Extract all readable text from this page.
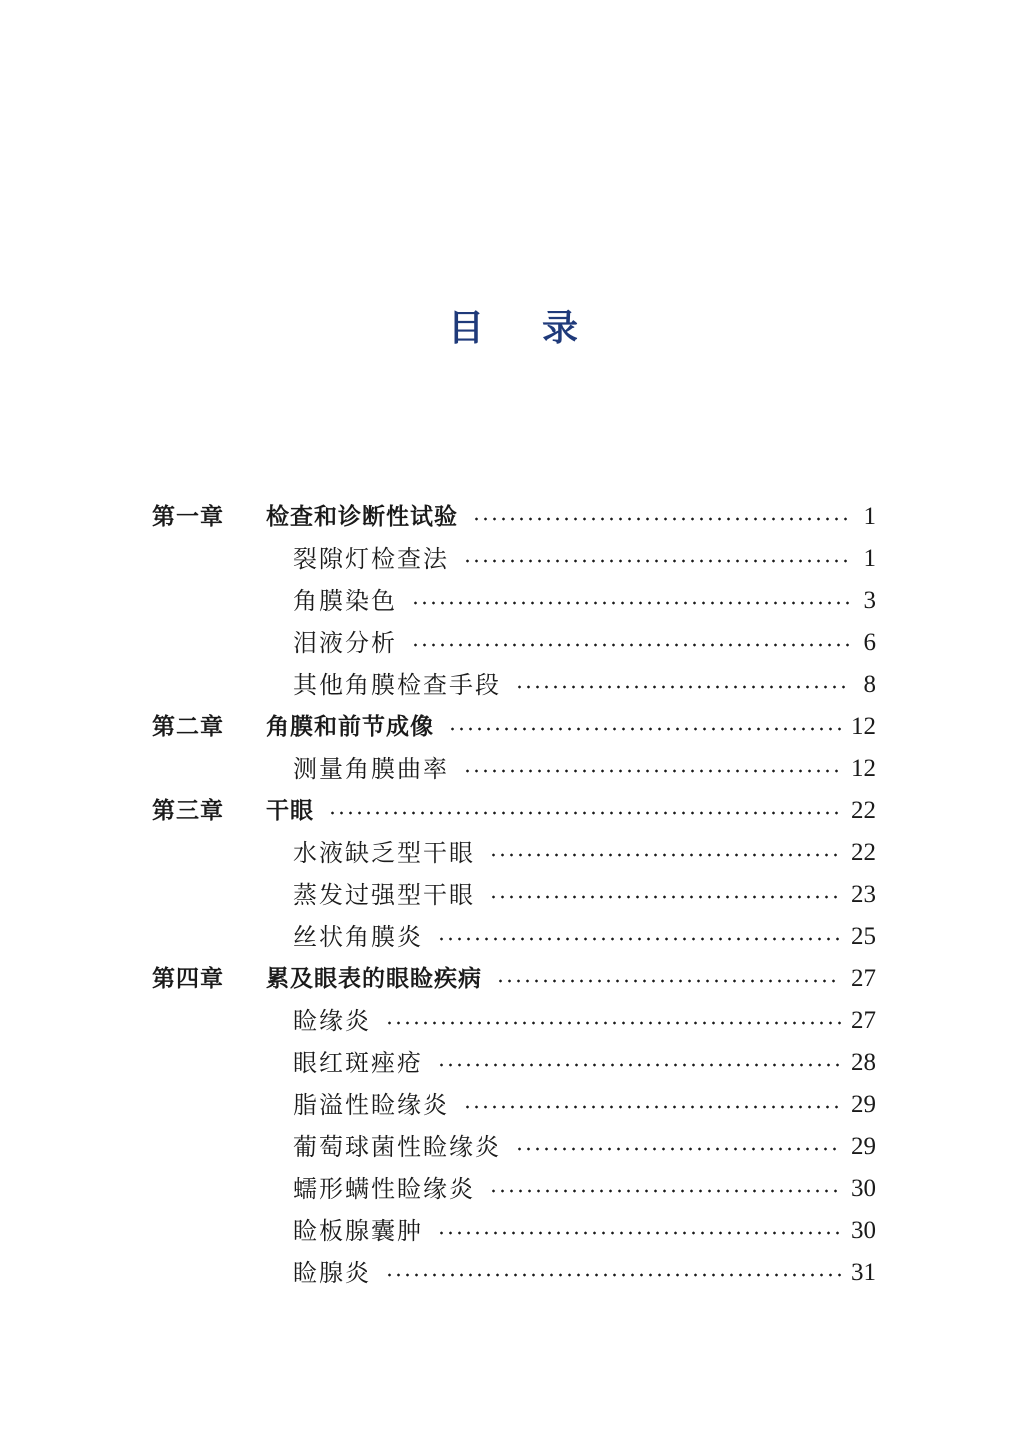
目 录
第一章	检查和诊断性试验	1
裂隙灯检查法	1
角膜染色	3
泪液分析	6
其他角膜检查手段	8
第二章	角膜和前节成像	12
测量角膜曲率	12
第三章	干眼	22
水液缺乏型干眼	22
蒸发过强型干眼	23
丝状角膜炎	25
第四章	累及眼表的眼睑疾病	27
睑缘炎	27
眼红斑痤疮	28
脂溢性睑缘炎	29
葡萄球菌性睑缘炎	29
蠕形螨性睑缘炎	30
睑板腺囊肿	30
睑腺炎	31
